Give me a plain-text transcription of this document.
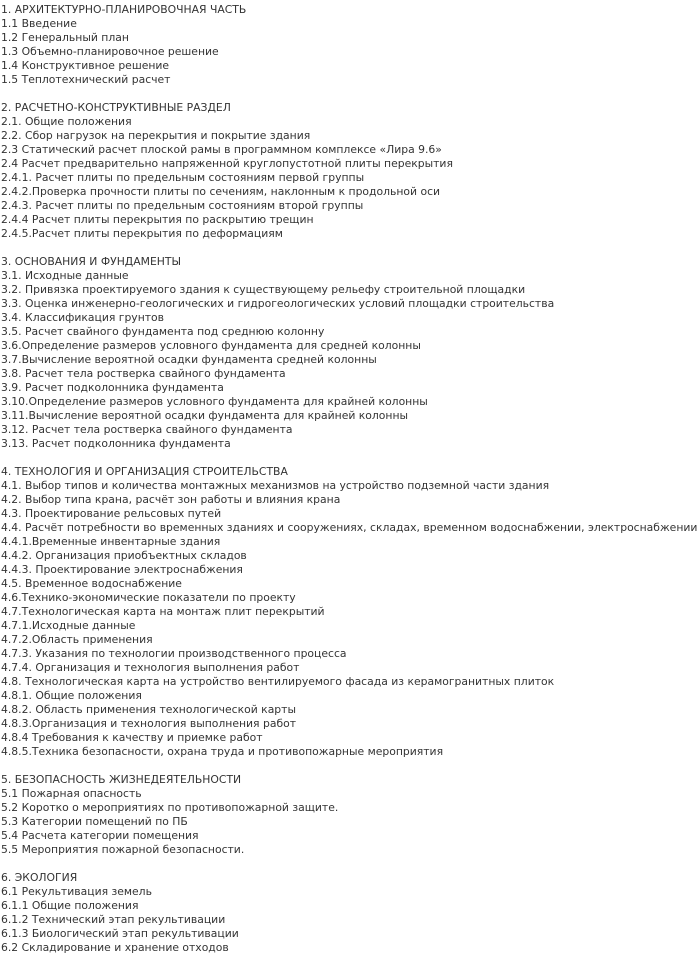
1. АРХИТЕКТУРНО-ПЛАНИРОВОЧНАЯ ЧАСТЬ
1.1 Введение
1.2 Генеральный план
1.3 Объемно-планировочное решение
1.4 Конструктивное решение
1.5 Теплотехнический расчет
2. РАСЧЕТНО-КОНСТРУКТИВНЫЕ РАЗДЕЛ
2.1. Общие положения
2.2. Сбор нагрузок на перекрытия и покрытие здания
2.3 Статический расчет плоской рамы в программном комплексе «Лира 9.6»
2.4 Расчет предварительно напряженной круглопустотной плиты перекрытия
2.4.1. Расчет плиты по предельным состояниям первой группы
2.4.2.Проверка прочности плиты по сечениям, наклонным к продольной оси
2.4.3. Расчет плиты по предельным состояниям второй группы
2.4.4 Расчет плиты перекрытия по раскрытию трещин
2.4.5.Расчет плиты перекрытия по деформациям
3. ОСНОВАНИЯ И ФУНДАМЕНТЫ
3.1. Исходные данные
3.2. Привязка проектируемого здания к существующему рельефу строительной площадки
3.3. Оценка инженерно-геологических и гидрогеологических условий площадки строительства
3.4. Классификация грунтов
3.5. Расчет свайного фундамента под среднюю колонну
3.6.Определение размеров условного фундамента для средней колонны
3.7.Вычисление вероятной осадки фундамента средней колонны
3.8. Расчет тела ростверка свайного фундамента
3.9. Расчет подколонника фундамента
3.10.Определение размеров условного фундамента для крайней колонны
3.11.Вычисление вероятной осадки фундамента для крайней колонны
3.12. Расчет тела ростверка свайного фундамента
3.13. Расчет подколонника фундамента
4. ТЕХНОЛОГИЯ И ОРГАНИЗАЦИЯ СТРОИТЕЛЬСТВА
4.1. Выбор типов и количества монтажных механизмов на устройство подземной части здания
4.2. Выбор типа крана, расчёт зон работы и влияния крана
4.3. Проектирование рельсовых путей
4.4. Расчёт потребности во временных зданиях и сооружениях, складах, временном водоснабжении, электроснабжении
4.4.1.Временные инвентарные здания
4.4.2. Организация приобъектных складов
4.4.3. Проектирование электроснабжения
4.5. Временное водоснабжение
4.6.Технико-экономические показатели по проекту
4.7.Технологическая карта на монтаж плит перекрытий
4.7.1.Исходные данные
4.7.2.Область применения
4.7.3. Указания по технологии производственного процесса
4.7.4. Организация и технология выполнения работ
4.8. Технологическая карта на устройство вентилируемого фасада из керамогранитных плиток
4.8.1. Общие положения
4.8.2. Область применения технологической карты
4.8.3.Организация и технология выполнения работ
4.8.4 Требования к качеству и приемке работ
4.8.5.Техника безопасности, охрана труда и противопожарные мероприятия
5. БЕЗОПАСНОСТЬ ЖИЗНЕДЕЯТЕЛЬНОСТИ
5.1 Пожарная опасность
5.2 Коротко о мероприятиях по противопожарной защите.
5.3 Категории помещений по ПБ
5.4 Расчета категории помещения
5.5 Мероприятия пожарной безопасности.
6. ЭКОЛОГИЯ
6.1 Рекультивация земель
6.1.1 Общие положения
6.1.2 Технический этап рекультивации
6.1.3 Биологический этап рекультивации
6.2 Складирование и хранение отходов
